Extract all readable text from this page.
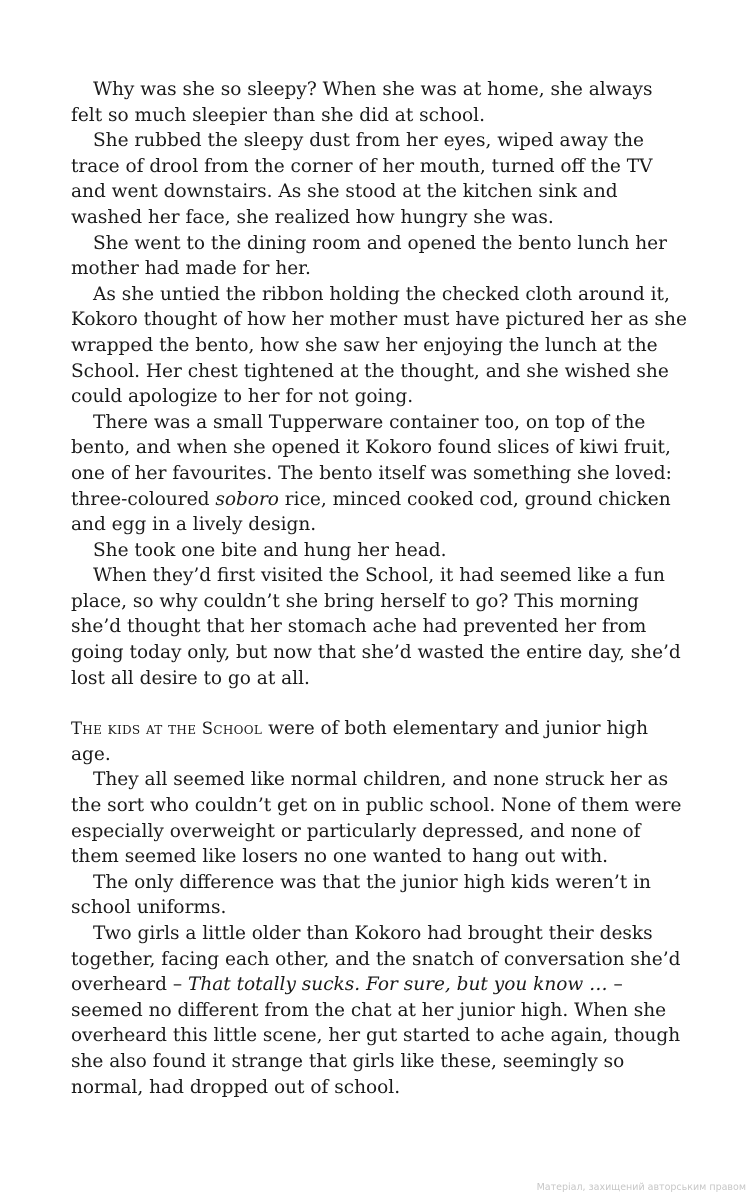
Why was she so sleepy? When she was at home, she always felt so much sleepier than she did at school.

She rubbed the sleepy dust from her eyes, wiped away the trace of drool from the corner of her mouth, turned off the TV and went downstairs. As she stood at the kitchen sink and washed her face, she realized how hungry she was.

She went to the dining room and opened the bento lunch her mother had made for her.

As she untied the ribbon holding the checked cloth around it, Kokoro thought of how her mother must have pictured her as she wrapped the bento, how she saw her enjoying the lunch at the School. Her chest tightened at the thought, and she wished she could apologize to her for not going.

There was a small Tupperware container too, on top of the bento, and when she opened it Kokoro found slices of kiwi fruit, one of her favourites. The bento itself was something she loved: three-coloured soboro rice, minced cooked cod, ground chicken and egg in a lively design.

She took one bite and hung her head.

When they’d first visited the School, it had seemed like a fun place, so why couldn’t she bring herself to go? This morning she’d thought that her stomach ache had prevented her from going today only, but now that she’d wasted the entire day, she’d lost all desire to go at all.

The kids at the School were of both elementary and junior high age.

They all seemed like normal children, and none struck her as the sort who couldn’t get on in public school. None of them were especially overweight or particularly depressed, and none of them seemed like losers no one wanted to hang out with.

The only difference was that the junior high kids weren’t in school uniforms.

Two girls a little older than Kokoro had brought their desks together, facing each other, and the snatch of conversation she’d overheard – That totally sucks. For sure, but you know … – seemed no different from the chat at her junior high. When she overheard this little scene, her gut started to ache again, though she also found it strange that girls like these, seemingly so normal, had dropped out of school.

Матеріал, захищений авторським правом
